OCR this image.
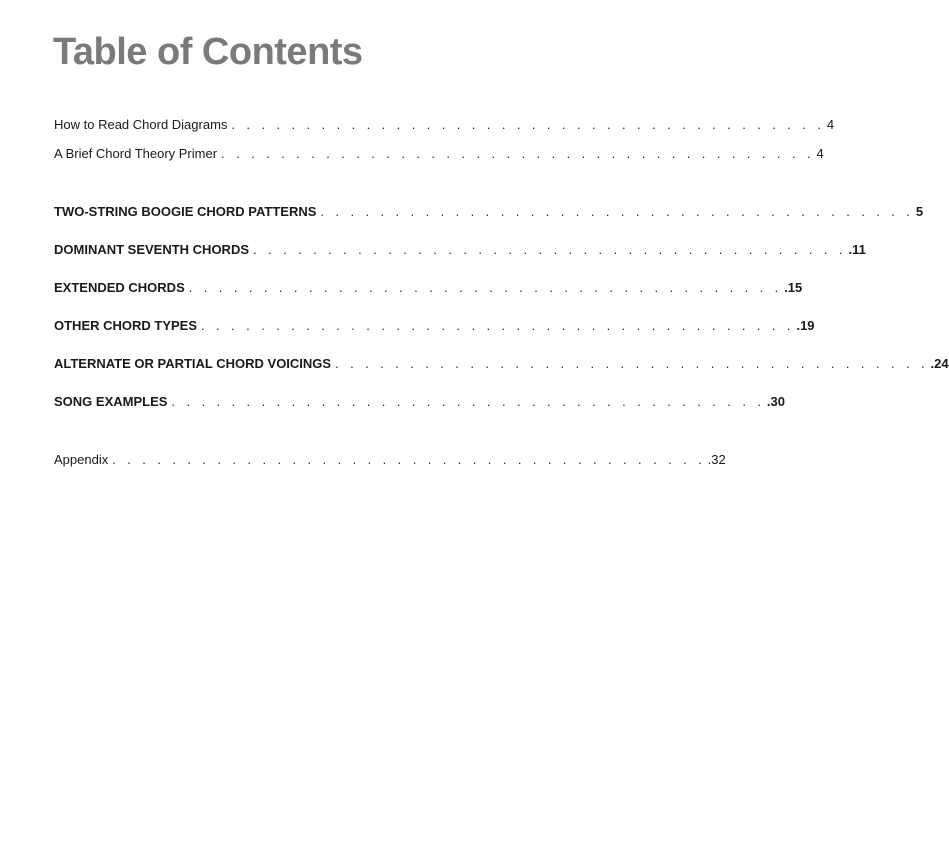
Table of Contents
How to Read Chord Diagrams . . . . . . . . . . . . . . . . . . . . . . . . . . . . . . . . . . . . . . . . 4
A Brief Chord Theory Primer . . . . . . . . . . . . . . . . . . . . . . . . . . . . . . . . . . . . . . . . 4
TWO-STRING BOOGIE CHORD PATTERNS . . . . . . . . . . . . . . . . . . . . . . . . . . . . . . . . . . . . . . . . 5
DOMINANT SEVENTH CHORDS . . . . . . . . . . . . . . . . . . . . . . . . . . . . . . . . . . . . . . . . .11
EXTENDED CHORDS . . . . . . . . . . . . . . . . . . . . . . . . . . . . . . . . . . . . . . . . .15
OTHER CHORD TYPES . . . . . . . . . . . . . . . . . . . . . . . . . . . . . . . . . . . . . . . . .19
ALTERNATE OR PARTIAL CHORD VOICINGS . . . . . . . . . . . . . . . . . . . . . . . . . . . . . . . . . . . . . . . . .24
SONG EXAMPLES . . . . . . . . . . . . . . . . . . . . . . . . . . . . . . . . . . . . . . . . .30
Appendix . . . . . . . . . . . . . . . . . . . . . . . . . . . . . . . . . . . . . . . . .32
